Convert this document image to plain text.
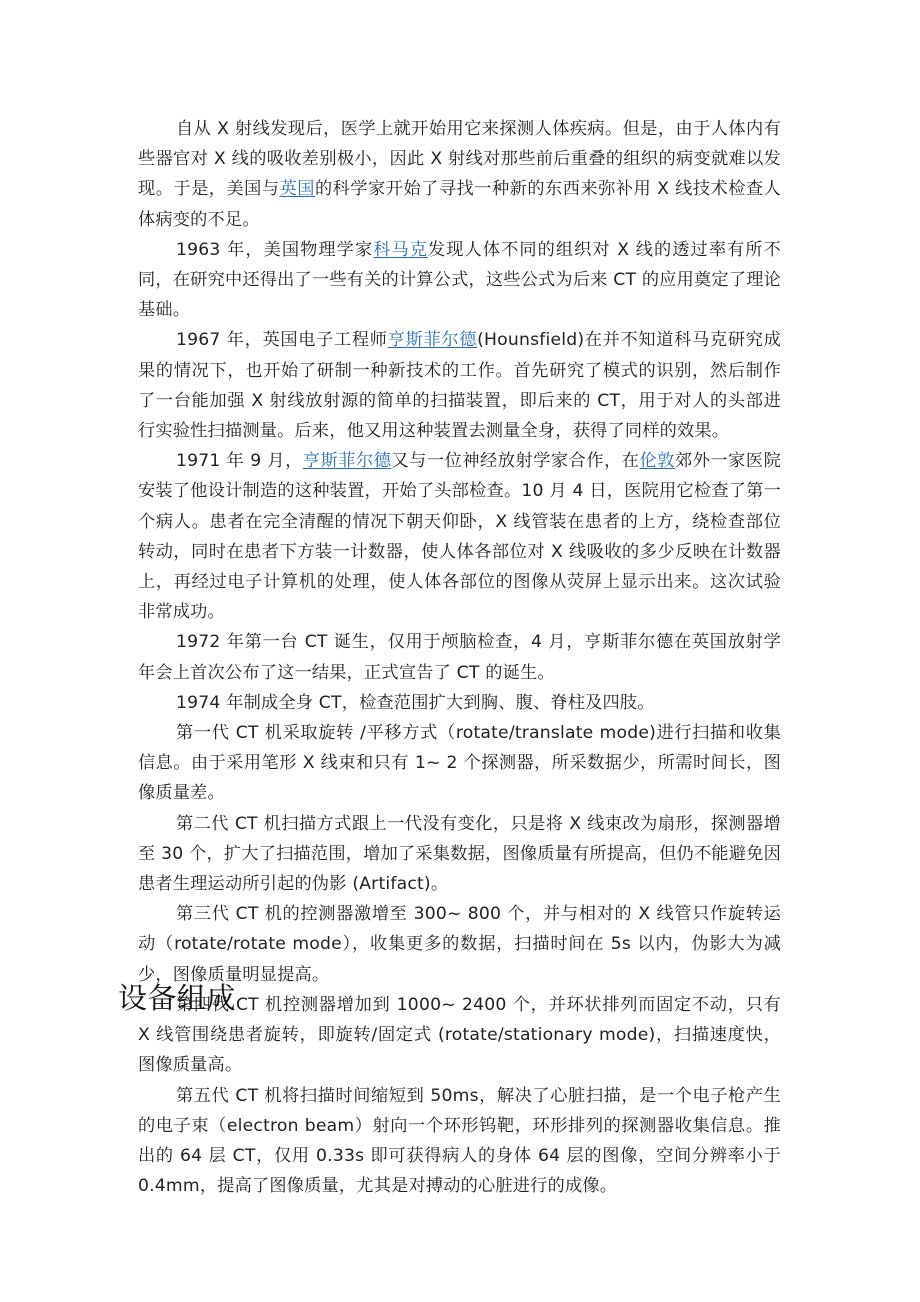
自从 X 射线发现后，医学上就开始用它来探测人体疾病。但是，由于人体内有些器官对 X 线的吸收差别极小，因此 X 射线对那些前后重叠的组织的病变就难以发现。于是，美国与英国的科学家开始了寻找一种新的东西来弥补用 X 线技术检查人体病变的不足。

1963 年，美国物理学家科马克发现人体不同的组织对 X 线的透过率有所不同，在研究中还得出了一些有关的计算公式，这些公式为后来 CT 的应用奠定了理论基础。

1967 年，英国电子工程师亨斯菲尔德(Hounsfield)在并不知道科马克研究成果的情况下，也开始了研制一种新技术的工作。首先研究了模式的识别，然后制作了一台能加强 X 射线放射源的简单的扫描装置，即后来的 CT，用于对人的头部进行实验性扫描测量。后来，他又用这种装置去测量全身，获得了同样的效果。

1971 年 9 月，亨斯菲尔德又与一位神经放射学家合作，在伦敦郊外一家医院安装了他设计制造的这种装置，开始了头部检查。10 月 4 日，医院用它检查了第一个病人。患者在完全清醒的情况下朝天仰卧，X 线管装在患者的上方，绕检查部位转动，同时在患者下方装一计数器，使人体各部位对 X 线吸收的多少反映在计数器上，再经过电子计算机的处理，使人体各部位的图像从荧屏上显示出来。这次试验非常成功。

1972 年第一台 CT 诞生，仅用于颅脑检查，4 月，亨斯菲尔德在英国放射学年会上首次公布了这一结果，正式宣告了 CT 的诞生。

1974 年制成全身 CT，检查范围扩大到胸、腹、脊柱及四肢。

第一代 CT 机采取旋转 /平移方式（rotate/translate mode)进行扫描和收集信息。由于采用笔形 X 线束和只有 1~ 2 个探测器，所采数据少，所需时间长，图像质量差。

第二代 CT 机扫描方式跟上一代没有变化，只是将 X 线束改为扇形，探测器增至 30 个，扩大了扫描范围，增加了采集数据，图像质量有所提高，但仍不能避免因患者生理运动所引起的伪影 (Artifact)。

第三代 CT 机的控测器激增至 300~ 800 个，并与相对的 X 线管只作旋转运动（rotate/rotate mode），收集更多的数据，扫描时间在 5s 以内，伪影大为减少，图像质量明显提高。

第四代 CT 机控测器增加到 1000~ 2400 个，并环状排列而固定不动，只有 X 线管围绕患者旋转，即旋转/固定式 (rotate/stationary mode)，扫描速度快，图像质量高。

第五代 CT 机将扫描时间缩短到 50ms，解决了心脏扫描，是一个电子枪产生的电子束（electron beam）射向一个环形钨靶，环形排列的探测器收集信息。推出的 64 层 CT，仅用 0.33s 即可获得病人的身体 64 层的图像，空间分辨率小于 0.4mm，提高了图像质量，尤其是对搏动的心脏进行的成像。

设备组成
